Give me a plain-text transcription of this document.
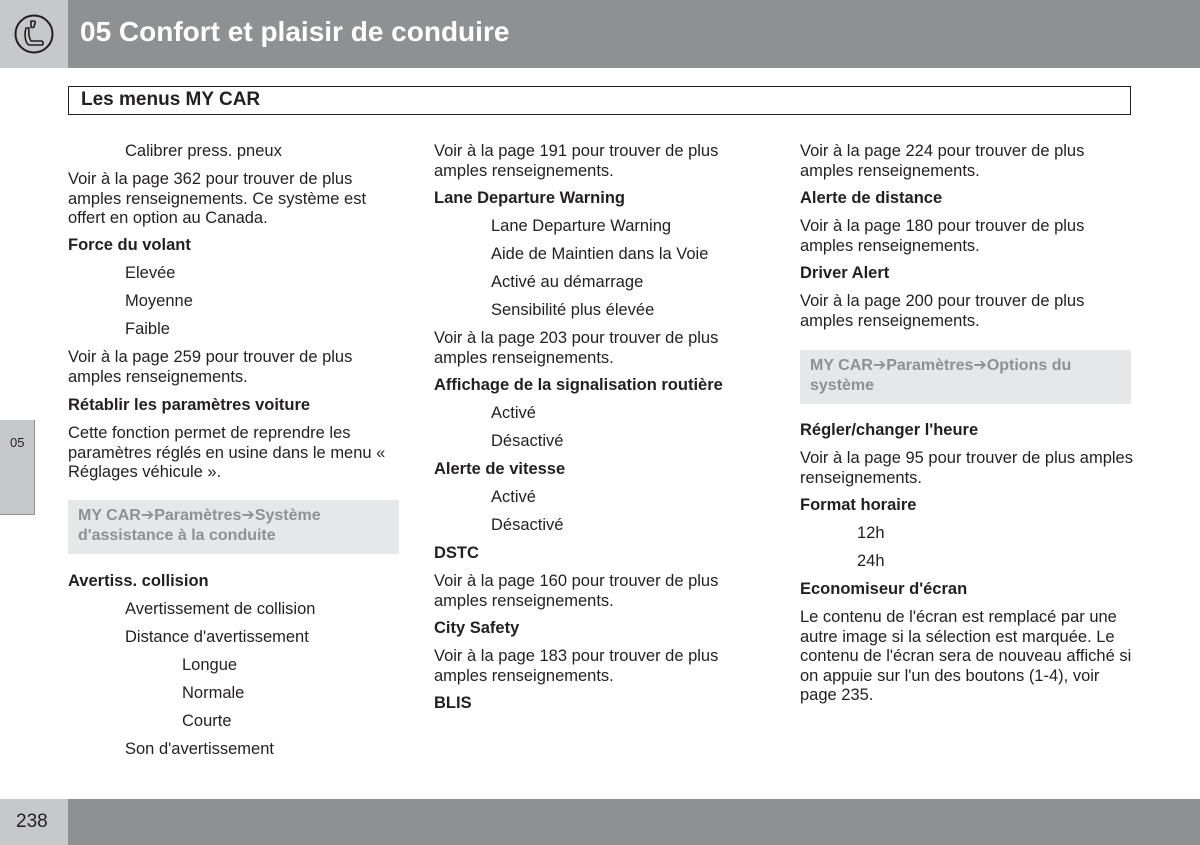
05 Confort et plaisir de conduire
Les menus MY CAR
05
Calibrer press. pneux

Voir à la page 362 pour trouver de plus amples renseignements. Ce système est offert en option au Canada.

Force du volant
Elevée
Moyenne
Faible

Voir à la page 259 pour trouver de plus amples renseignements.

Rétablir les paramètres voiture

Cette fonction permet de reprendre les paramètres réglés en usine dans le menu « Réglages véhicule ».

MY CAR➔Paramètres➔Système d'assistance à la conduite
Avertiss. collision
Avertissement de collision
Distance d'avertissement
Longue
Normale
Courte
Son d'avertissement

Voir à la page 191 pour trouver de plus amples renseignements.

Lane Departure Warning
Lane Departure Warning
Aide de Maintien dans la Voie
Activé au démarrage
Sensibilité plus élevée

Voir à la page 203 pour trouver de plus amples renseignements.

Affichage de la signalisation routière
Activé
Désactivé
Alerte de vitesse
Activé
Désactivé
DSTC

Voir à la page 160 pour trouver de plus amples renseignements.

City Safety

Voir à la page 183 pour trouver de plus amples renseignements.

BLIS

Voir à la page 224 pour trouver de plus amples renseignements.

Alerte de distance

Voir à la page 180 pour trouver de plus amples renseignements.

Driver Alert

Voir à la page 200 pour trouver de plus amples renseignements.

MY CAR➔Paramètres➔Options du système
Régler/changer l'heure

Voir à la page 95 pour trouver de plus amples renseignements.

Format horaire
12h
24h
Economiseur d'écran

Le contenu de l'écran est remplacé par une autre image si la sélection est marquée. Le contenu de l'écran sera de nouveau affiché si on appuie sur l'un des boutons (1-4), voir page 235.

238
